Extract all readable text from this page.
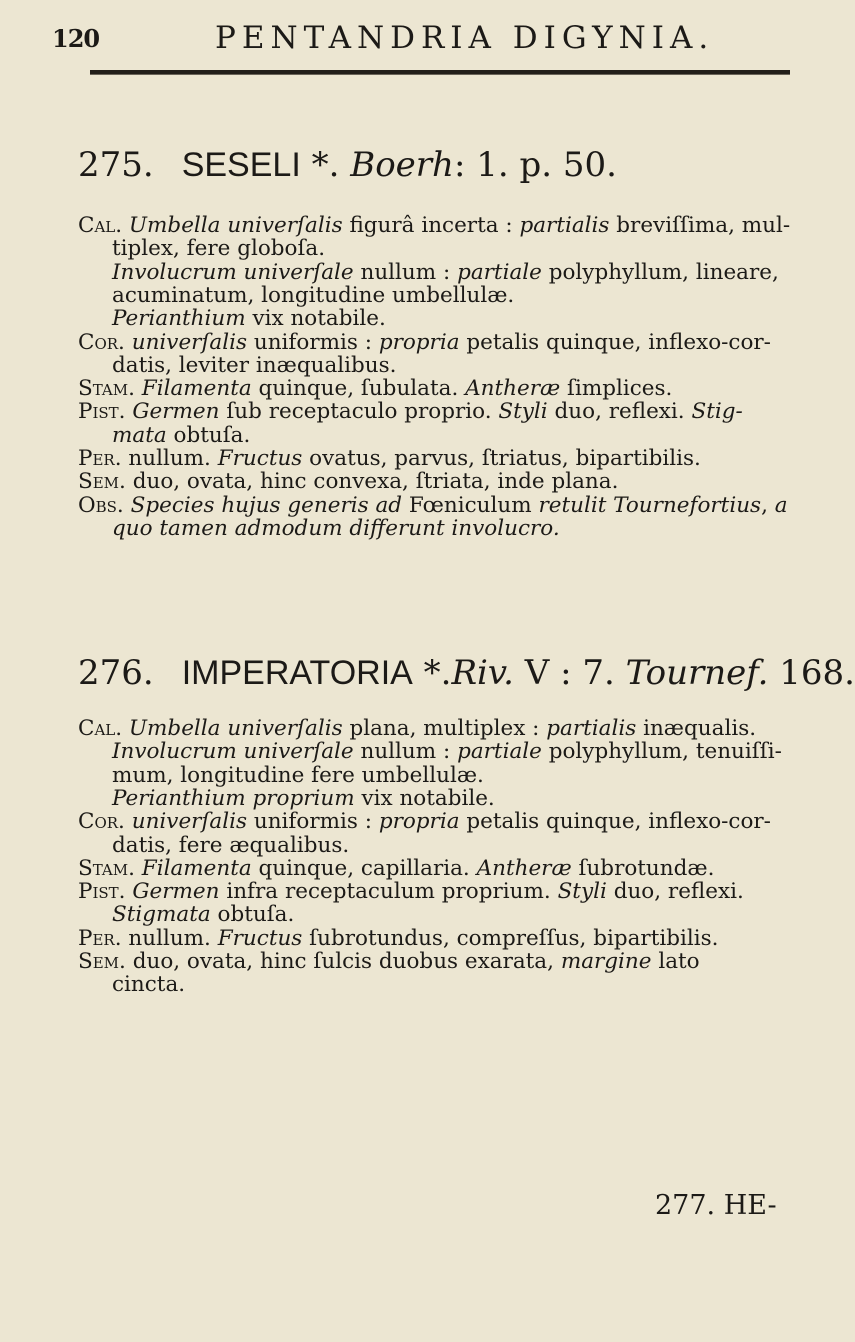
120	PENTANDRIA DIGYNIA.
275. SESELI *. Boerh: 1. p. 50.
Cal. Umbella univerſalis figurâ incerta : partialis breviſſima, mul-
tiplex, fere globoſa.
Involucrum univerſale nullum : partiale polyphyllum, lineare,
acuminatum, longitudine umbellulæ.
Perianthium vix notabile.
Cor. univerſalis uniformis : propria petalis quinque, inflexo-cor-
datis, leviter inæqualibus.
Stam. Filamenta quinque, ſubulata. Antheræ ſimplices.
Pist. Germen ſub receptaculo proprio. Styli duo, reflexi. Stig-
mata obtuſa.
Per. nullum. Fructus ovatus, parvus, ſtriatus, bipartibilis.
Sem. duo, ovata, hinc convexa, ſtriata, inde plana.
Obs. Species hujus generis ad Fœniculum retulit Tournefortius, a
quo tamen admodum differunt involucro.
276. IMPERATORIA *.Riv. V : 7. Tournef. 168.
Cal. Umbella univerſalis plana, multiplex : partialis inæqualis.
Involucrum univerſale nullum : partiale polyphyllum, tenuiſſi-
mum, longitudine fere umbellulæ.
Perianthium proprium vix notabile.
Cor. univerſalis uniformis : propria petalis quinque, inflexo-cor-
datis, fere æqualibus.
Stam. Filamenta quinque, capillaria. Antheræ ſubrotundæ.
Pist. Germen infra receptaculum proprium. Styli duo, reflexi.
Stigmata obtuſa.
Per. nullum. Fructus ſubrotundus, compreſſus, bipartibilis.
Sem. duo, ovata, hinc ſulcis duobus exarata, margine lato
cincta.
277. HE-
